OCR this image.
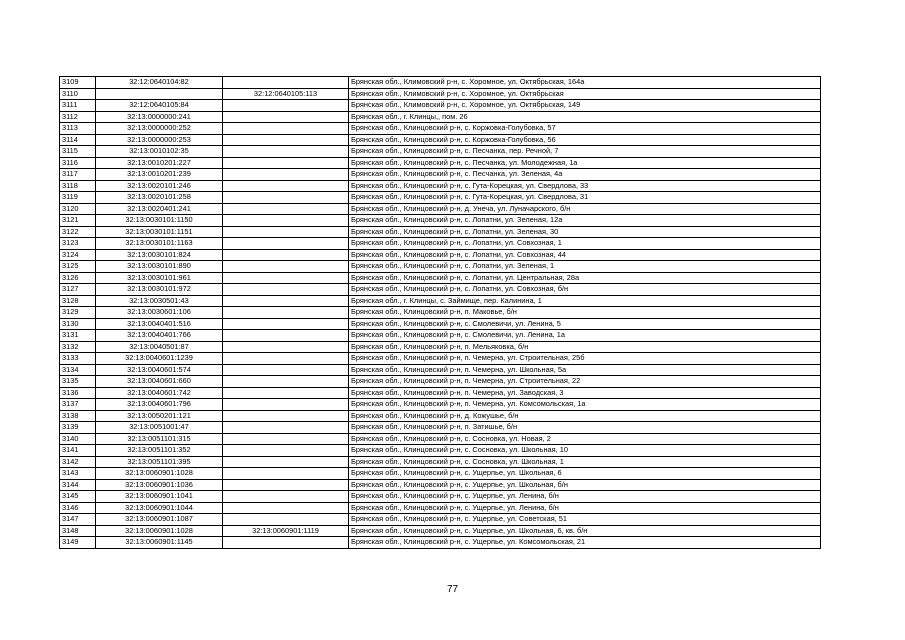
3109	32:12:0640104:82		Брянская обл., Климовский р-н, с. Хоромное, ул. Октябрьская, 164а
3110		32:12:0640105:113	Брянская обл., Климовский р-н, с. Хоромное, ул. Октябрьская
3111	32:12:0640105:84		Брянская обл., Климовский р-н, с. Хоромное, ул. Октябрьская, 149
3112	32:13:0000000:241		Брянская обл., г. Клинцы,, пом. 26
3113	32:13:0000000:252		Брянская обл., Клинцовский р-н, с. Коржовка-Голубовка, 57
3114	32:13:0000000:253		Брянская обл., Клинцовский р-н, с. Коржовка-Голубовка, 56
3115	32:13:0010102:35		Брянская обл., Клинцовский р-н, с. Песчанка, пер. Речной, 7
3116	32:13:0010201:227		Брянская обл., Клинцовский р-н, с. Песчанка, ул. Молодежная, 1а
3117	32:13:0010201:239		Брянская обл., Клинцовский р-н, с. Песчанка, ул. Зеленая, 4а
3118	32:13:0020101:246		Брянская обл., Клинцовский р-н, с. Гута-Корецкая, ул. Свердлова, 33
3119	32:13:0020101:258		Брянская обл., Клинцовский р-н, с. Гута-Корецкая, ул. Свердлова, 31
3120	32:13:0020401:241		Брянская обл., Клинцовский р-н, д. Унеча, ул. Луначарского, б/н
3121	32:13:0030101:1150		Брянская обл., Клинцовский р-н, с. Лопатни, ул. Зеленая, 12а
3122	32:13:0030101:1151		Брянская обл., Клинцовский р-н, с. Лопатни, ул. Зеленая, 30
3123	32:13:0030101:1163		Брянская обл., Клинцовский р-н, с. Лопатни, ул. Совхозная, 1
3124	32:13:0030101:824		Брянская обл., Клинцовский р-н, с. Лопатни, ул. Совхозная, 44
3125	32:13:0030101:890		Брянская обл., Клинцовский р-н, с. Лопатни, ул. Зеленая, 1
3126	32:13:0030101:961		Брянская обл., Клинцовский р-н, с. Лопатни, ул. Центральная, 28а
3127	32:13:0030101:972		Брянская обл., Клинцовский р-н, с. Лопатни, ул. Совхозная, б/н
3128	32:13:0030501:43		Брянская обл., г. Клинцы, с. Займище, пер. Калинина, 1
3129	32:13:0030601:106		Брянская обл., Клинцовский р-н, п. Маковье, б/н
3130	32:13:0040401:516		Брянская обл., Клинцовский р-н, с. Смолевичи, ул. Ленина, 5
3131	32:13:0040401:766		Брянская обл., Клинцовский р-н, с. Смолевичи, ул. Ленина, 1а
3132	32:13:0040501:87		Брянская обл., Клинцовский р-н, п. Мельяковка, б/н
3133	32:13:0040601:1239		Брянская обл., Клинцовский р-н, п. Чемерна, ул. Строительная, 25б
3134	32:13:0040601:574		Брянская обл., Клинцовский р-н, п. Чемерна, ул. Школьная, 5а
3135	32:13:0040601:660		Брянская обл., Клинцовский р-н, п. Чемерна, ул. Строительная, 22
3136	32:13:0040601:742		Брянская обл., Клинцовский р-н, п. Чемерна, ул. Заводская, 3
3137	32:13:0040601:796		Брянская обл., Клинцовский р-н, п. Чемерна, ул. Комсомольская, 1а
3138	32:13:0050201:121		Брянская обл., Клинцовский р-н, д. Кожушье, б/н
3139	32:13:0051001:47		Брянская обл., Клинцовский р-н, п. Затишье, б/н
3140	32:13:0051101:315		Брянская обл., Клинцовский р-н, с. Сосновка, ул. Новая, 2
3141	32:13:0051101:352		Брянская обл., Клинцовский р-н, с. Сосновка, ул. Школьная, 10
3142	32:13:0051101:395		Брянская обл., Клинцовский р-н, с. Сосновка, ул. Школьная, 1
3143	32:13:0060901:1028		Брянская обл., Клинцовский р-н, с. Ущерпье, ул. Школьная, 6
3144	32:13:0060901:1036		Брянская обл., Клинцовский р-н, с. Ущерпье, ул. Школьная, б/н
3145	32:13:0060901:1041		Брянская обл., Клинцовский р-н, с. Ущерпье, ул. Ленина, б/н
3146	32:13:0060901:1044		Брянская обл., Клинцовский р-н, с. Ущерпье, ул. Ленина, б/н
3147	32:13:0060901:1087		Брянская обл., Клинцовский р-н, с. Ущерпье, ул. Советская, 51
3148	32:13:0060901:1028	32:13:0060901:1119	Брянская обл., Клинцовский р-н, с. Ущерпье, ул. Школьная, 6, кв. б/н
3149	32:13:0060901:1145		Брянская обл., Клинцовский р-н, с. Ущерпье, ул. Комсомольская, 21
77
